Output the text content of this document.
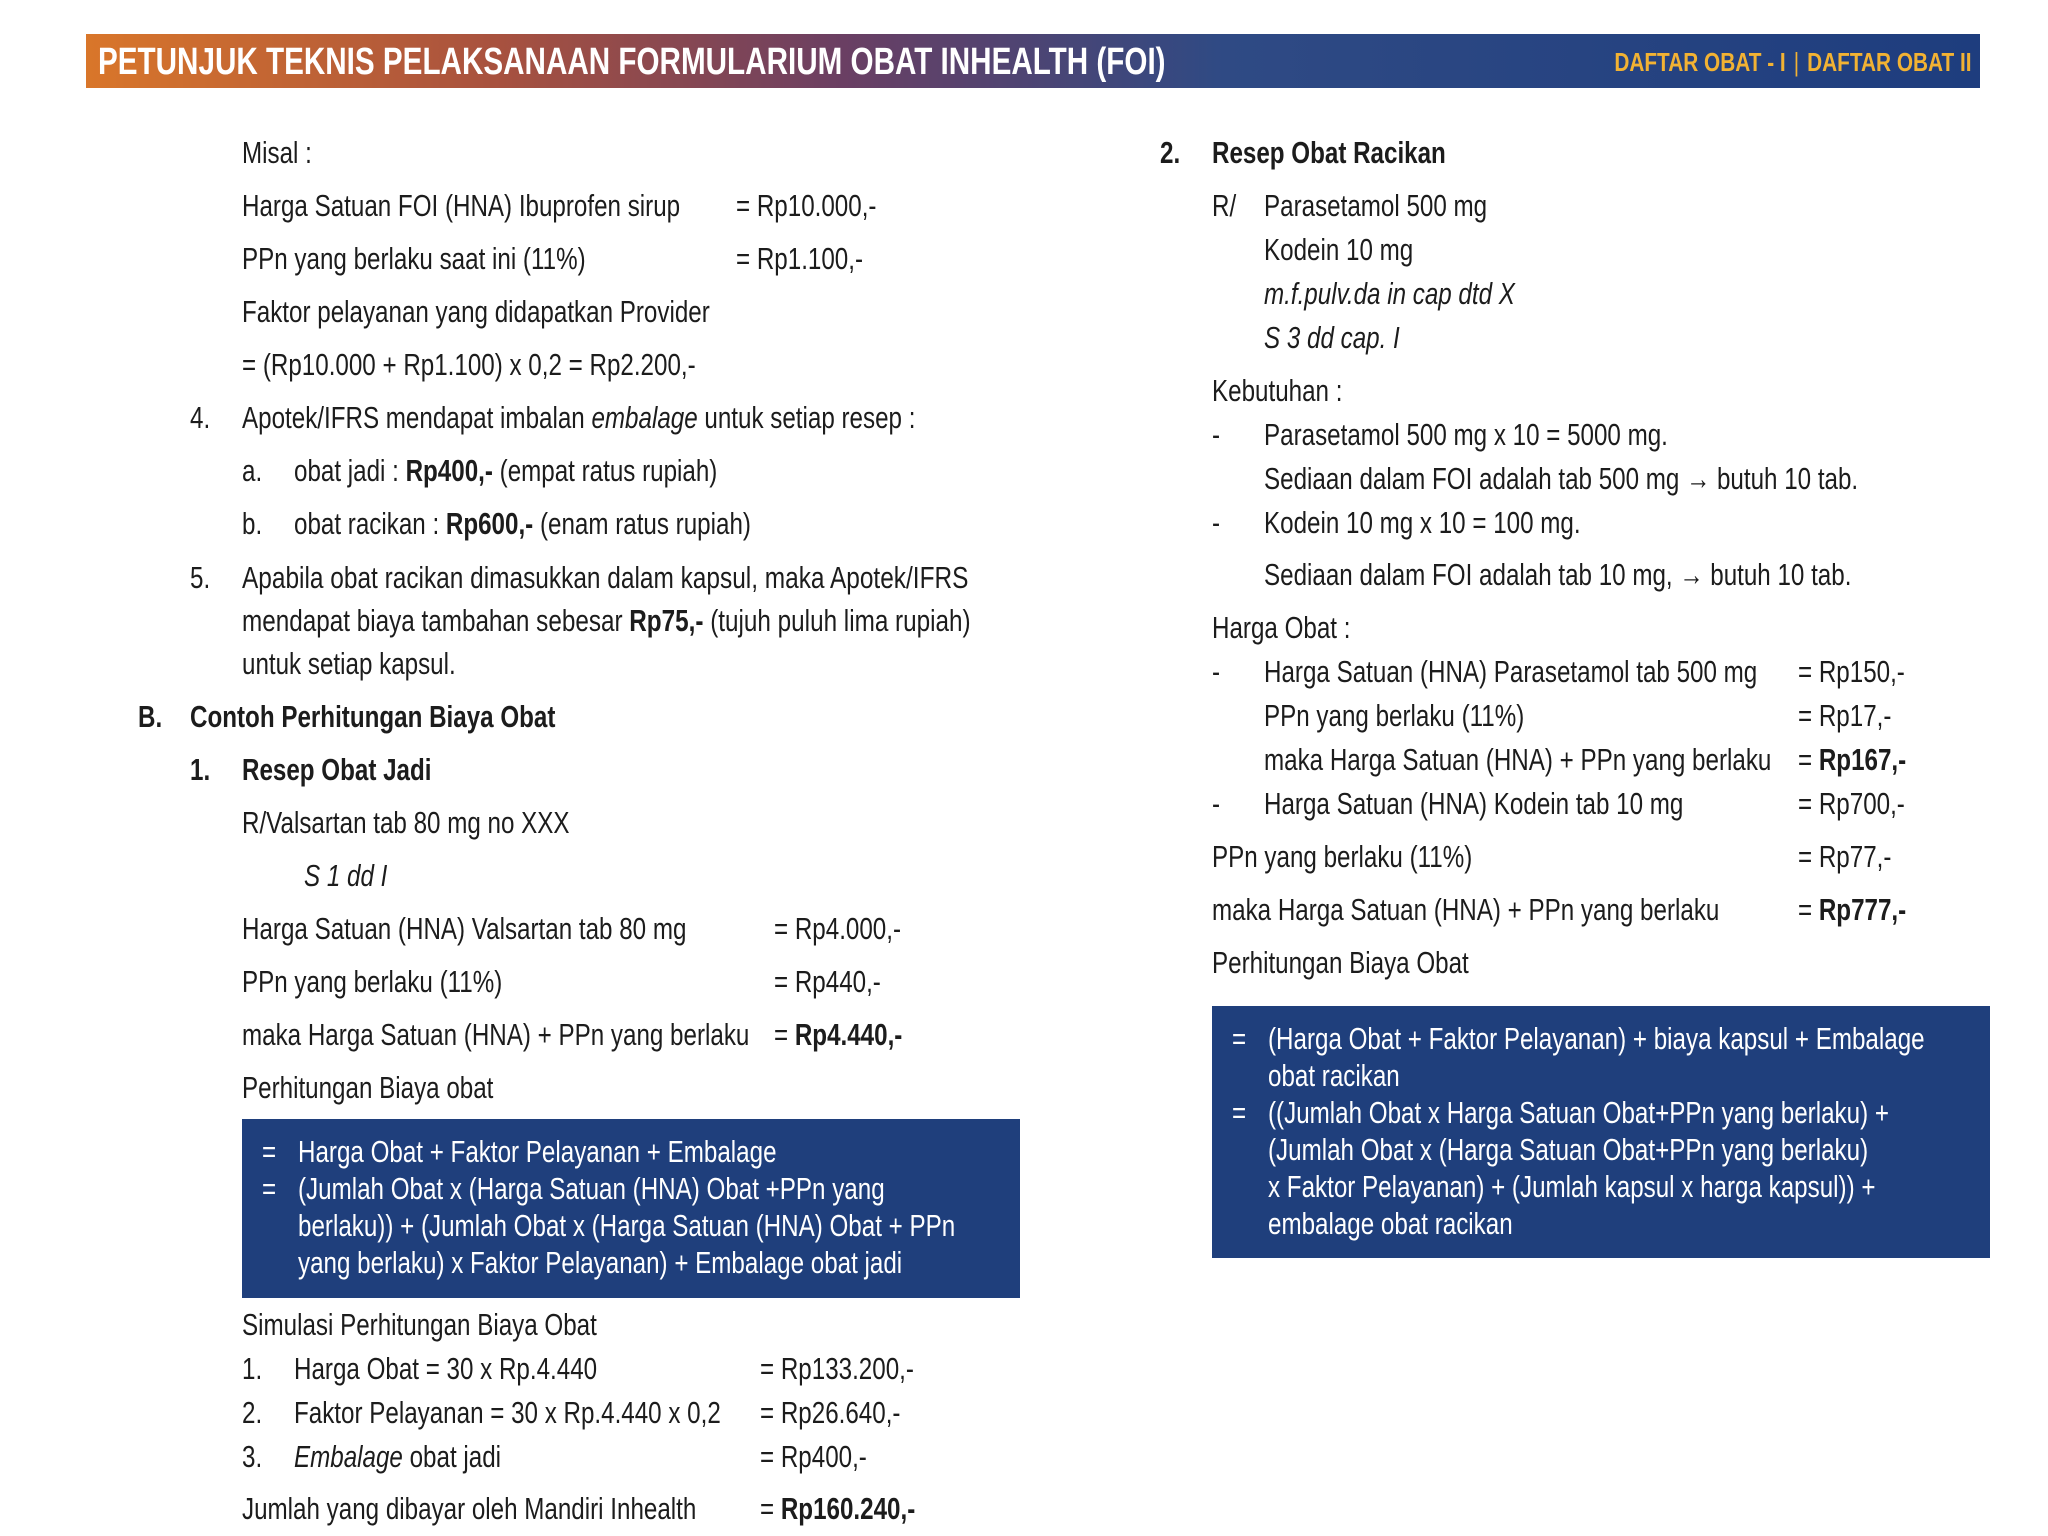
PETUNJUK TEKNIS PELAKSANAAN FORMULARIUM OBAT INHEALTH (FOI)	DAFTAR OBAT - I | DAFTAR OBAT II
Misal :
Harga Satuan FOI (HNA) Ibuprofen sirup = Rp10.000,-
PPn yang berlaku saat ini (11%)	= Rp1.100,-
Faktor pelayanan yang didapatkan Provider
= (Rp10.000 + Rp1.100) x 0,2 = Rp2.200,-
4. Apotek/IFRS mendapat imbalan embalage untuk setiap resep :
a. obat jadi : Rp400,- (empat ratus rupiah)
b. obat racikan : Rp600,- (enam ratus rupiah)
5. Apabila obat racikan dimasukkan dalam kapsul, maka Apotek/IFRS
mendapat biaya tambahan sebesar Rp75,- (tujuh puluh lima rupiah)
untuk setiap kapsul.
B. Contoh Perhitungan Biaya Obat
1. Resep Obat Jadi
R/Valsartan tab 80 mg no XXX
S 1 dd I
Harga Satuan (HNA) Valsartan tab 80 mg	= Rp4.000,-
PPn yang berlaku (11%)	= Rp440,-
maka Harga Satuan (HNA) + PPn yang berlaku = Rp4.440,-
Perhitungan Biaya obat
= Harga Obat + Faktor Pelayanan + Embalage
= (Jumlah Obat x (Harga Satuan (HNA) Obat +PPn yang
berlaku)) + (Jumlah Obat x (Harga Satuan (HNA) Obat + PPn
yang berlaku) x Faktor Pelayanan) + Embalage obat jadi
Simulasi Perhitungan Biaya Obat
1. Harga Obat = 30 x Rp.4.440	= Rp133.200,-
2. Faktor Pelayanan = 30 x Rp.4.440 x 0,2 = Rp26.640,-
3. Embalage obat jadi	= Rp400,-
Jumlah yang dibayar oleh Mandiri Inhealth = Rp160.240,-
2. Resep Obat Racikan
R/ Parasetamol 500 mg
Kodein 10 mg
m.f.pulv.da in cap dtd X
S 3 dd cap. I
Kebutuhan :
- Parasetamol 500 mg x 10 = 5000 mg.
Sediaan dalam FOI adalah tab 500 mg → butuh 10 tab.
- Kodein 10 mg x 10 = 100 mg.
Sediaan dalam FOI adalah tab 10 mg, → butuh 10 tab.
Harga Obat :
- Harga Satuan (HNA) Parasetamol tab 500 mg = Rp150,-
PPn yang berlaku (11%)	= Rp17,-
maka Harga Satuan (HNA) + PPn yang berlaku = Rp167,-
- Harga Satuan (HNA) Kodein tab 10 mg	= Rp700,-
PPn yang berlaku (11%)	= Rp77,-
maka Harga Satuan (HNA) + PPn yang berlaku	= Rp777,-
Perhitungan Biaya Obat
= (Harga Obat + Faktor Pelayanan) + biaya kapsul + Embalage
obat racikan
= ((Jumlah Obat x Harga Satuan Obat+PPn yang berlaku) +
(Jumlah Obat x (Harga Satuan Obat+PPn yang berlaku)
x Faktor Pelayanan) + (Jumlah kapsul x harga kapsul)) +
embalage obat racikan
